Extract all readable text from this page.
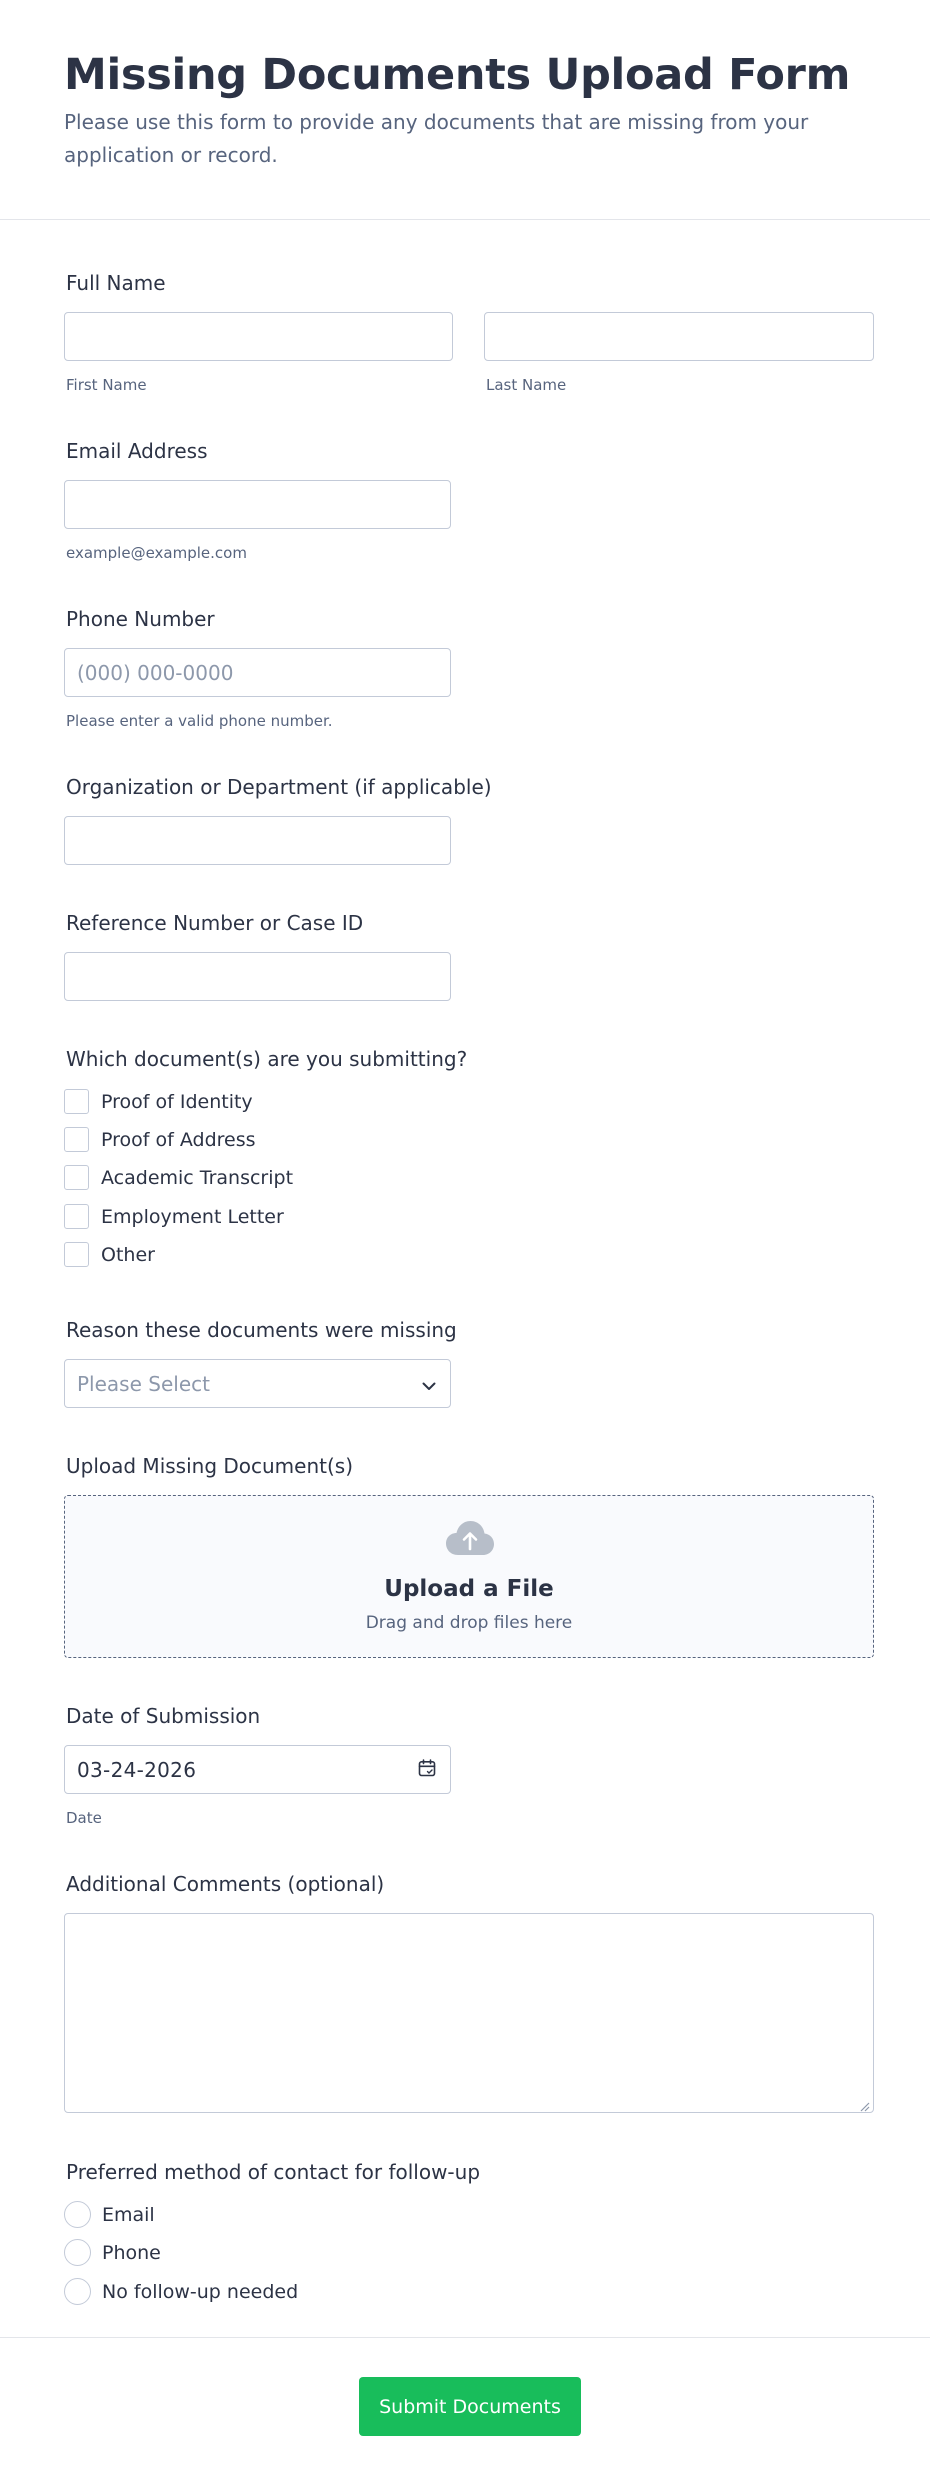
Missing Documents Upload Form
Please use this form to provide any documents that are missing from your application or record.
Full Name
First Name	Last Name
Email Address
example@example.com
Phone Number
(000) 000-0000
Please enter a valid phone number.
Organization or Department (if applicable)
Reference Number or Case ID
Which document(s) are you submitting?
Proof of Identity
Proof of Address
Academic Transcript
Employment Letter
Other
Reason these documents were missing
Please Select
Upload Missing Document(s)
Upload a File
Drag and drop files here
Date of Submission
03-24-2026
Date
Additional Comments (optional)
Preferred method of contact for follow-up
Email
Phone
No follow-up needed
Submit Documents
